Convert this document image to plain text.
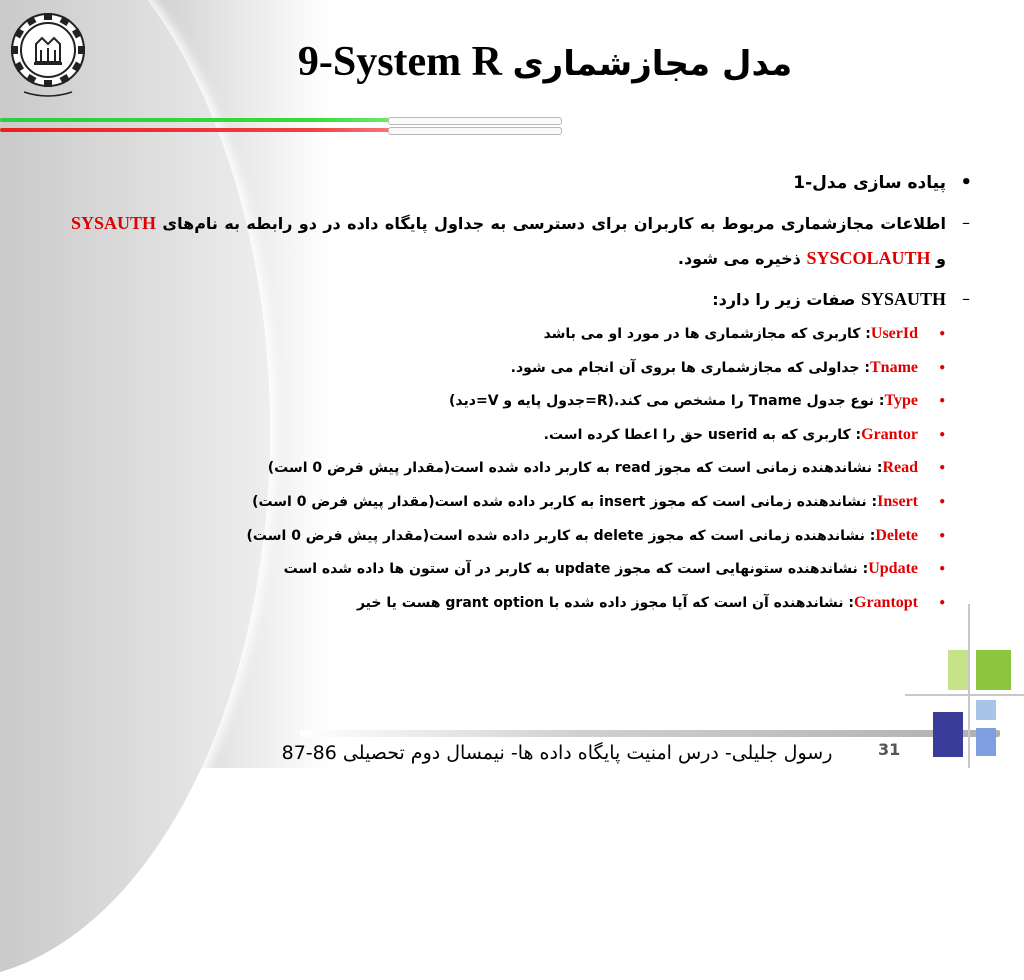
مدل مجازشماری 9-System R
•
پیاده سازی مدل-1
–
اطلاعات مجازشماری مربوط به کاربران برای دسترسی به جداول پایگاه داده در دو رابطه به نام‌های SYSAUTH و SYSCOLAUTH ذخیره می شود.
–
SYSAUTH صفات زیر را دارد:
•
UserId: کاربری که مجازشماری ها در مورد او می باشد
•
Tname: جداولی که مجازشماری ها بروی آن انجام می شود.
•
Type: نوع جدول Tname را مشخص می کند.(R=جدول پایه و V=دید)
•
Grantor: کاربری که به userid حق را اعطا کرده است.
•
Read: نشاندهنده زمانی است که مجوز read به کاربر داده شده است(مقدار پیش فرض 0 است)
•
Insert: نشاندهنده زمانی است که مجوز insert به کاربر داده شده است(مقدار پیش فرض 0 است)
•
Delete: نشاندهنده زمانی است که مجوز delete به کاربر داده شده است(مقدار پیش فرض 0 است)
•
Update: نشاندهنده ستونهایی است که مجوز update به کاربر در آن ستون ها داده شده است
•
Grantopt: نشاندهنده آن است که آیا مجوز داده شده با grant option هست یا خیر
رسول جلیلی- درس امنیت پایگاه داده ها- نیمسال دوم تحصیلی 86-87	31
